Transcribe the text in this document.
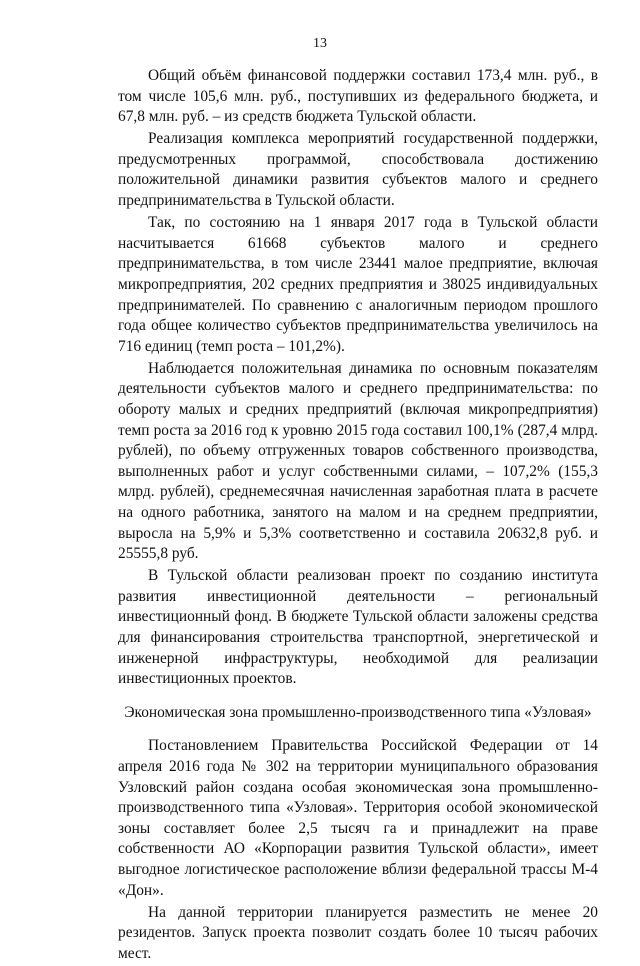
13

Общий объём финансовой поддержки составил 173,4 млн. руб., в том числе 105,6 млн. руб., поступивших из федерального бюджета, и 67,8 млн. руб. – из средств бюджета Тульской области.

Реализация комплекса мероприятий государственной поддержки, предусмотренных программой, способствовала достижению положительной динамики развития субъектов малого и среднего предпринимательства в Тульской области.

Так, по состоянию на 1 января 2017 года в Тульской области насчитывается 61668 субъектов малого и среднего предпринимательства, в том числе 23441 малое предприятие, включая микропредприятия, 202 средних предприятия и 38025 индивидуальных предпринимателей. По сравнению с аналогичным периодом прошлого года общее количество субъектов предпринимательства увеличилось на 716 единиц (темп роста – 101,2%).

Наблюдается положительная динамика по основным показателям деятельности субъектов малого и среднего предпринимательства: по обороту малых и средних предприятий (включая микропредприятия) темп роста за 2016 год к уровню 2015 года составил 100,1% (287,4 млрд. рублей), по объему отгруженных товаров собственного производства, выполненных работ и услуг собственными силами, – 107,2% (155,3 млрд. рублей), среднемесячная начисленная заработная плата в расчете на одного работника, занятого на малом и на среднем предприятии, выросла на 5,9% и 5,3% соответственно и составила 20632,8 руб. и 25555,8 руб.

В Тульской области реализован проект по созданию института развития инвестиционной деятельности – региональный инвестиционный фонд. В бюджете Тульской области заложены средства для финансирования строительства транспортной, энергетической и инженерной инфраструктуры, необходимой для реализации инвестиционных проектов.

Экономическая зона промышленно-производственного типа «Узловая»

Постановлением Правительства Российской Федерации от 14 апреля 2016 года № 302 на территории муниципального образования Узловский район создана особая экономическая зона промышленно-производственного типа «Узловая». Территория особой экономической зоны составляет более 2,5 тысяч га и принадлежит на праве собственности АО «Корпорации развития Тульской области», имеет выгодное логистическое расположение вблизи федеральной трассы М-4 «Дон».

На данной территории планируется разместить не менее 20 резидентов. Запуск проекта позволит создать более 10 тысяч рабочих мест.
